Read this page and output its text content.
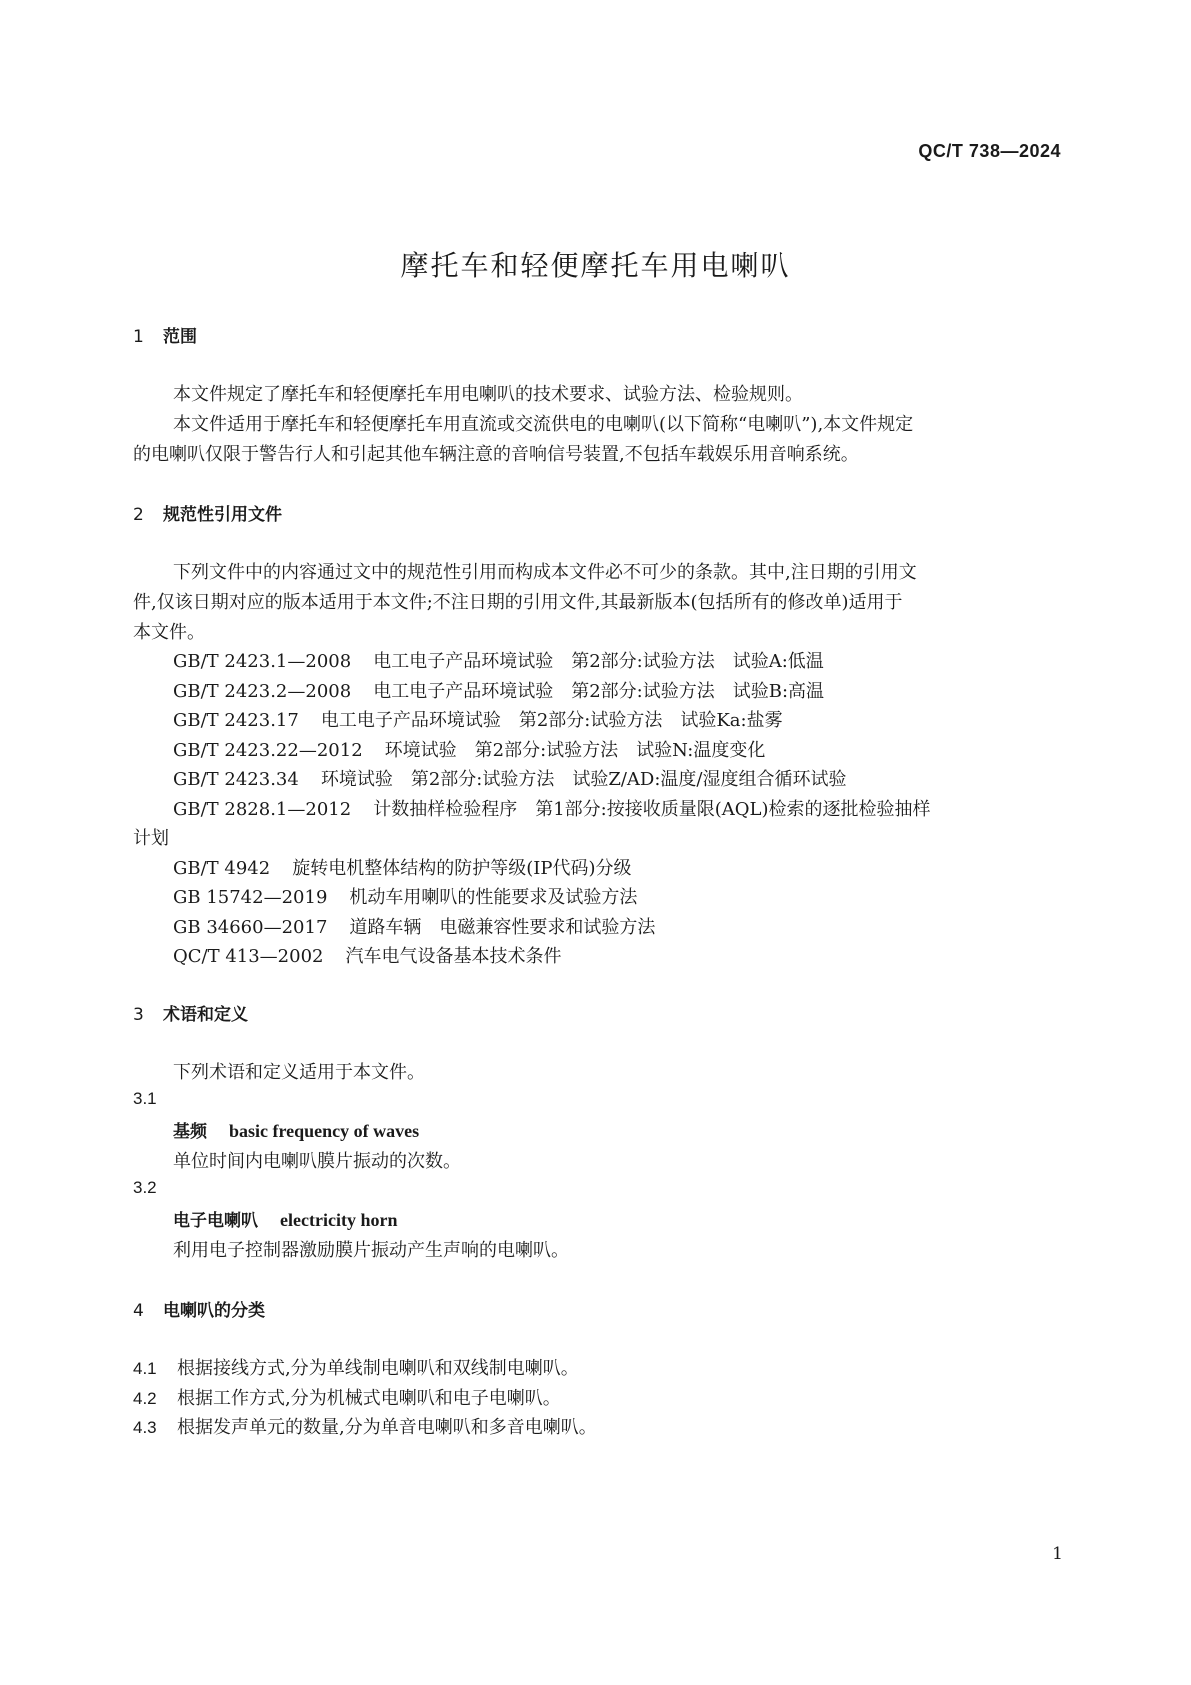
QC/T 738—2024
摩托车和轻便摩托车用电喇叭
1 范围
本文件规定了摩托车和轻便摩托车用电喇叭的技术要求、试验方法、检验规则。
本文件适用于摩托车和轻便摩托车用直流或交流供电的电喇叭(以下简称“电喇叭”),本文件规定
的电喇叭仅限于警告行人和引起其他车辆注意的音响信号装置,不包括车载娱乐用音响系统。
2 规范性引用文件
下列文件中的内容通过文中的规范性引用而构成本文件必不可少的条款。其中,注日期的引用文
件,仅该日期对应的版本适用于本文件;不注日期的引用文件,其最新版本(包括所有的修改单)适用于
本文件。
GB/T 2423.1—2008 电工电子产品环境试验　第2部分:试验方法　试验A:低温
GB/T 2423.2—2008 电工电子产品环境试验　第2部分:试验方法　试验B:高温
GB/T 2423.17 电工电子产品环境试验　第2部分:试验方法　试验Ka:盐雾
GB/T 2423.22—2012 环境试验　第2部分:试验方法　试验N:温度变化
GB/T 2423.34 环境试验　第2部分:试验方法　试验Z/AD:温度/湿度组合循环试验
GB/T 2828.1—2012 计数抽样检验程序　第1部分:按接收质量限(AQL)检索的逐批检验抽样
计划
GB/T 4942 旋转电机整体结构的防护等级(IP代码)分级
GB 15742—2019 机动车用喇叭的性能要求及试验方法
GB 34660—2017 道路车辆　电磁兼容性要求和试验方法
QC/T 413—2002 汽车电气设备基本技术条件
3 术语和定义
下列术语和定义适用于本文件。
3.1
基频 basic frequency of waves
单位时间内电喇叭膜片振动的次数。
3.2
电子电喇叭 electricity horn
利用电子控制器激励膜片振动产生声响的电喇叭。
4 电喇叭的分类
4.1 根据接线方式,分为单线制电喇叭和双线制电喇叭。
4.2 根据工作方式,分为机械式电喇叭和电子电喇叭。
4.3 根据发声单元的数量,分为单音电喇叭和多音电喇叭。
1
